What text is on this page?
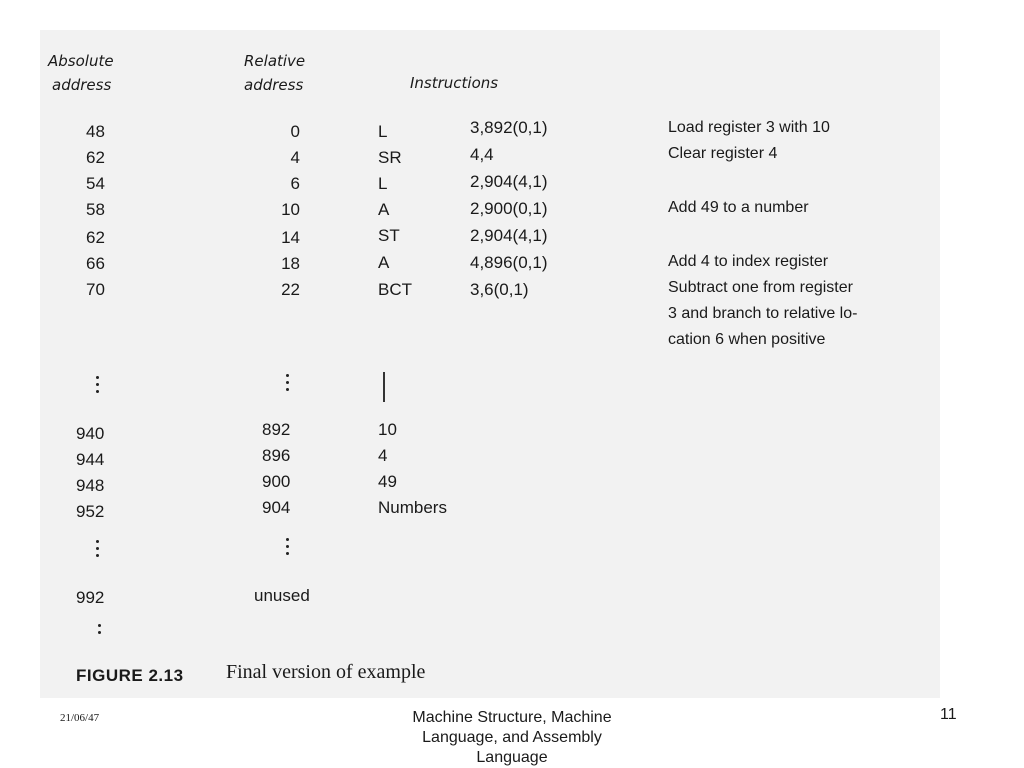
Absolute
address
Relative
address	Instructions
48	0	L	3,892(0,1)	Load register 3 with 10
62	4	SR	4,4	Clear register 4
54	6	L	2,904(4,1)
58	10	A	2,900(0,1)	Add 49 to a number
62	14	ST	2,904(4,1)
66	18	A	4,896(0,1)	Add 4 to index register
70	22	BCT	3,6(0,1)	Subtract one from register
3 and branch to relative lo-
cation 6 when positive
940	892	10
944	896	4
948	900	49
952	904	Numbers
992	unused
FIGURE 2.13 Final version of example
21/06/47	Machine Structure, Machine
Language, and Assembly
Language
11
